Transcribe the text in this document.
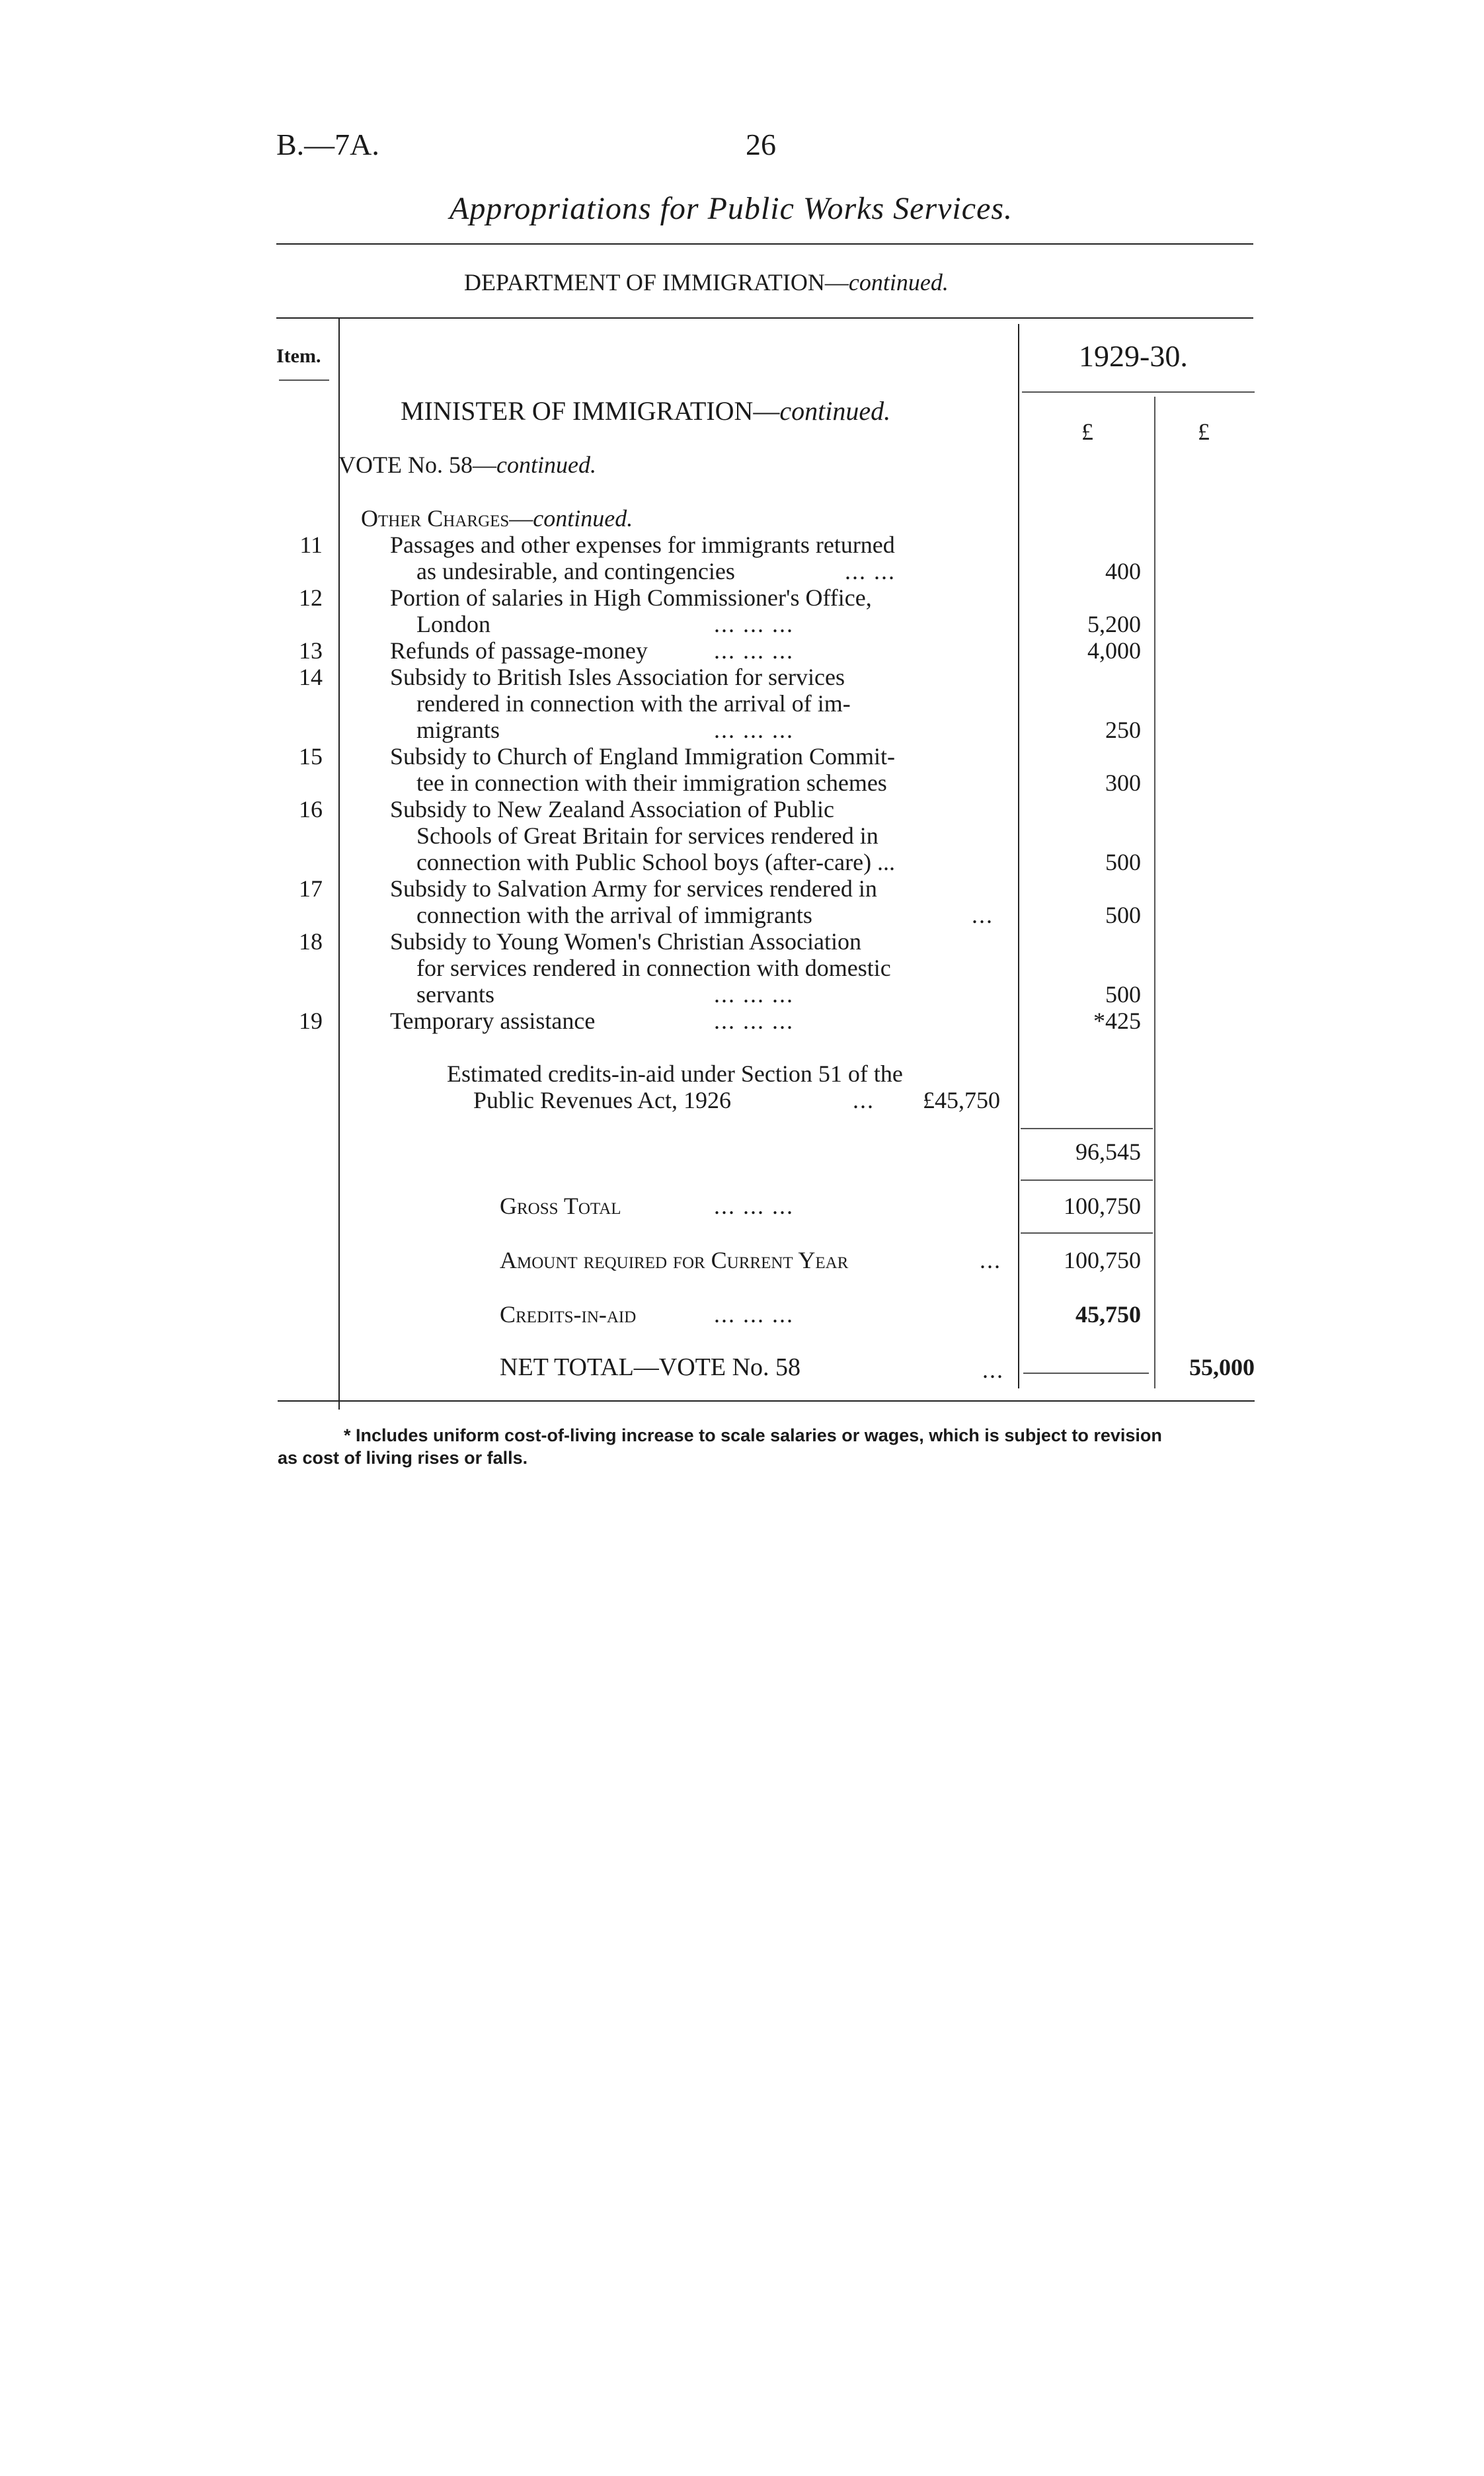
B.—7A.	26
Appropriations for Public Works Services.
DEPARTMENT OF IMMIGRATION—continued.
Item.	1929-30.
£	£
MINISTER OF IMMIGRATION—continued.
VOTE No. 58—continued.
Other Charges—continued.
11	Passages and other expenses for immigrants returned
as undesirable, and contingencies	... ...	400
12	Portion of salaries in High Commissioner's Office,
London	... ... ...	5,200
13	Refunds of passage-money	... ... ...	4,000
14	Subsidy to British Isles Association for services
rendered in connection with the arrival of im-
migrants	... ... ...	250
15	Subsidy to Church of England Immigration Commit-
tee in connection with their immigration schemes	300
16	Subsidy to New Zealand Association of Public
Schools of Great Britain for services rendered in
connection with Public School boys (after-care) ...	500
17	Subsidy to Salvation Army for services rendered in
connection with the arrival of immigrants	...	500
18	Subsidy to Young Women's Christian Association
for services rendered in connection with domestic
servants	... ... ...	500
19	Temporary assistance	... ... ...	*425
Estimated credits-in-aid under Section 51 of the
Public Revenues Act, 1926	... £45,750
96,545
Gross Total	... ... ...	100,750
Amount required for Current Year	...	100,750
Credits-in-aid	... ... ...	45,750
NET TOTAL—VOTE No. 58	...	55,000
* Includes uniform cost-of-living increase to scale salaries or wages, which is subject to revision
as cost of living rises or falls.
